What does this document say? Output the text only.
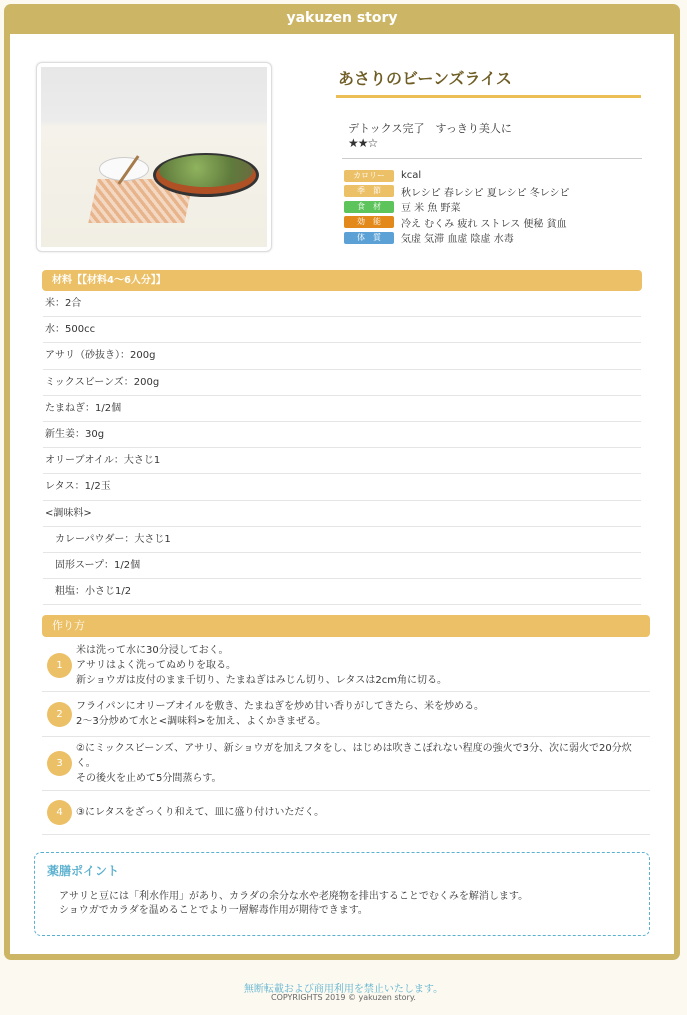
yakuzen story
あさりのビーンズライス
デトックス完了　すっきり美人に
★★☆
カロリー	kcal
季　節	秋レシピ 春レシピ 夏レシピ 冬レシピ
食　材	豆 米 魚 野菜
効　能	冷え むくみ 疲れ ストレス 便秘 貧血
体　質	気虚 気滞 血虚 陰虚 水毒
材料【【材料4〜6人分】】
米：2合
水：500cc
アサリ（砂抜き）：200g
ミックスビーンズ：200g
たまねぎ：1/2個
新生姜：30g
オリーブオイル：大さじ1
レタス：1/2玉
<調味料>
カレーパウダー：大さじ1
固形スープ：1/2個
粗塩：小さじ1/2
作り方
1
米は洗って水に30分浸しておく。
アサリはよく洗ってぬめりを取る。
新ショウガは皮付のまま千切り、たまねぎはみじん切り、レタスは2cm角に切る。
2
フライパンにオリーブオイルを敷き、たまねぎを炒め甘い香りがしてきたら、米を炒める。
2〜3分炒めて水と<調味料>を加え、よくかきまぜる。
3
②にミックスビーンズ、アサリ、新ショウガを加えフタをし、はじめは吹きこぼれない程度の強火で3分、次に弱火で20分炊
く。
その後火を止めて5分間蒸らす。
4	③にレタスをざっくり和えて、皿に盛り付けいただく。
薬膳ポイント
アサリと豆には「利水作用」があり、カラダの余分な水や老廃物を排出することでむくみを解消します。
ショウガでカラダを温めることでより一層解毒作用が期待できます。
無断転載および商用利用を禁止いたします。
COPYRIGHTS 2019 © yakuzen story.
